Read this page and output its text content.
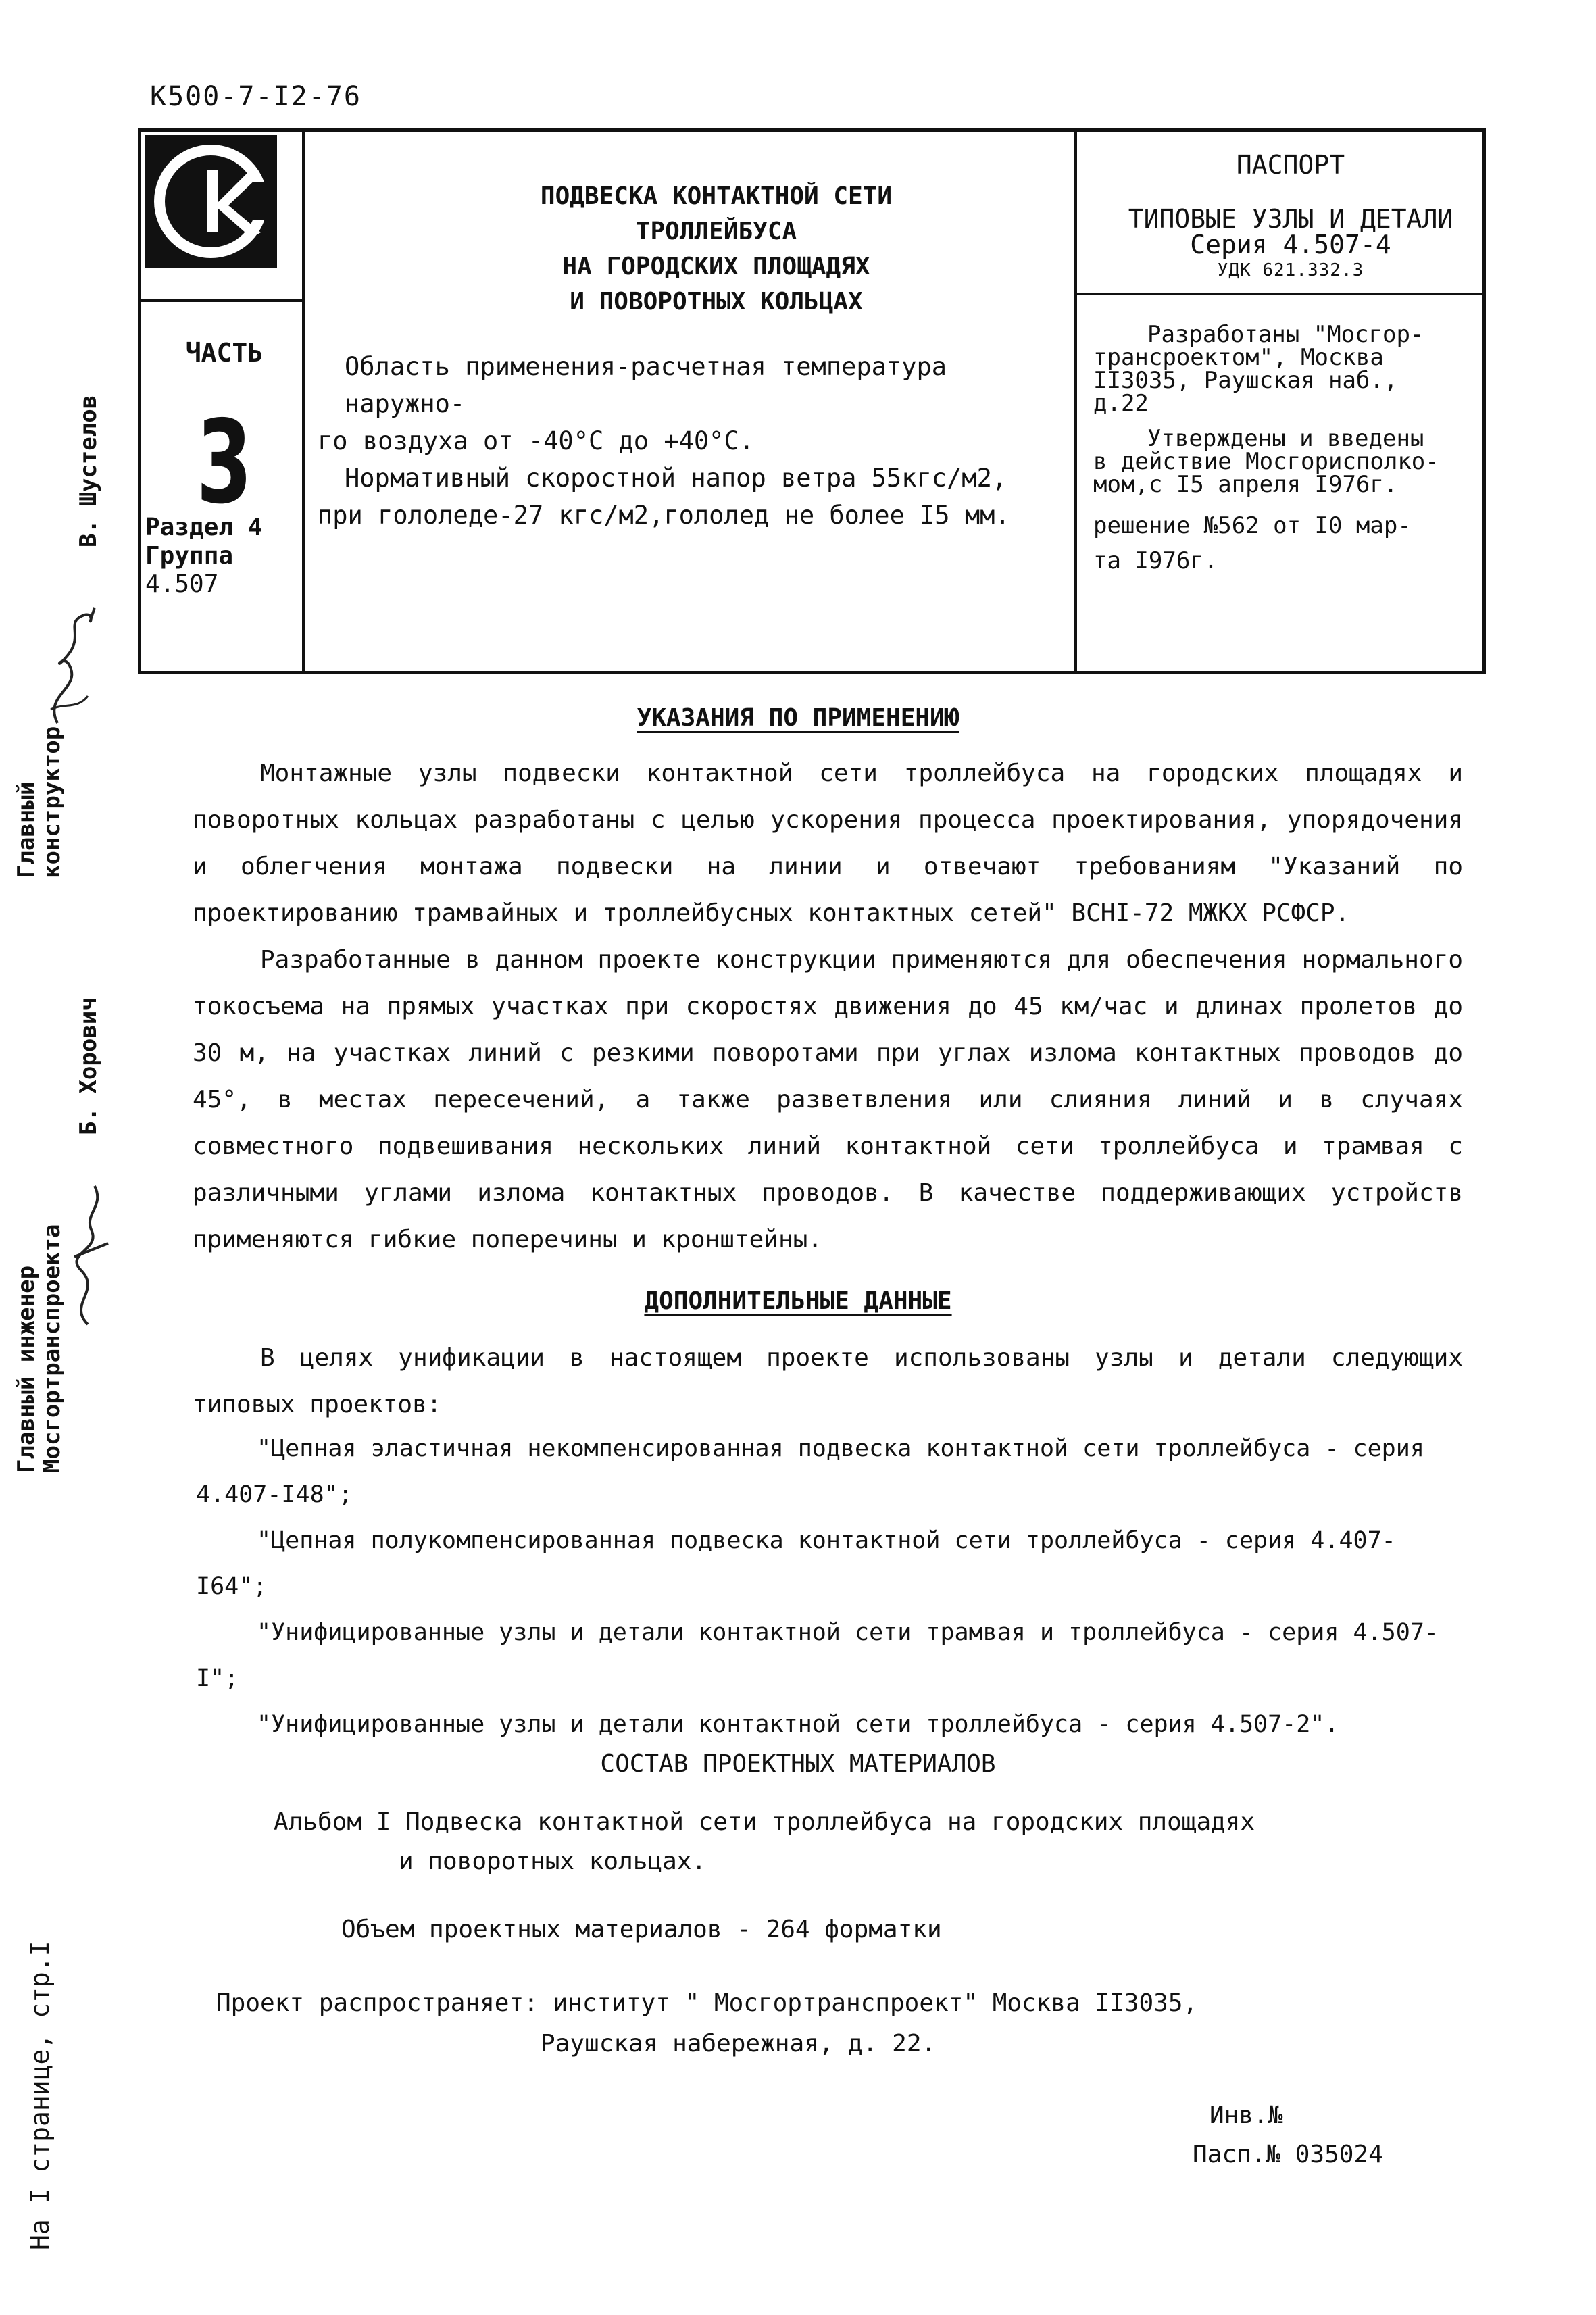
К500-7-I2-76
ЧАСТЬ
3
Раздел 4
Группа
4.507
ПОДВЕСКА КОНТАКТНОЙ СЕТИ
ТРОЛЛЕЙБУСА
НА ГОРОДСКИХ ПЛОЩАДЯХ
И ПОВОРОТНЫХ КОЛЬЦАХ
Область применения-расчетная температура наружно-
го воздуха от -40°С до +40°С.
Нормативный скоростной напор ветра 55кгс/м2,
при гололеде-27 кгс/м2,гололед не более I5 мм.
ПАСПОРТ
ТИПОВЫЕ УЗЛЫ И ДЕТАЛИ
Серия 4.507-4
УДК 621.332.3

Разработаны "Мосгор-
трансроектом", Москва
II3035, Раушская наб.,
д.22

Утверждены и введены
в действие Мосгорисполко-
мом,с I5 апреля I976г.

решение №562 от I0 мар-
та I976г.

УКАЗАНИЯ ПО ПРИМЕНЕНИЮ
Монтажные узлы подвески контактной сети троллейбуса на городских площадях и поворотных кольцах разработаны с целью ускорения процесса проектирования, упорядочения и облегчения монтажа подвески на линии и отвечают требованиям "Указаний по проектированию трамвайных и троллейбусных контактных сетей" ВСНI-72 МЖКХ РСФСР.
Разработанные в данном проекте конструкции применяются для обеспечения нормального токосъема на прямых участках при скоростях движения до 45 км/час и длинах пролетов до 30 м, на участках линий с резкими поворотами при углах излома контактных проводов до 45°, в местах пересечений, а также разветвления или слияния линий и в случаях совместного подвешивания нескольких линий контактной сети троллейбуса и трамвая с различными углами излома контактных проводов. В качестве поддерживающих устройств применяются гибкие поперечины и кронштейны.
ДОПОЛНИТЕЛЬНЫЕ ДАННЫЕ
В целях унификации в настоящем проекте использованы узлы и детали следующих типовых проектов:
"Цепная эластичная некомпенсированная подвеска контактной сети троллейбуса - серия 4.407-I48";
"Цепная полукомпенсированная подвеска контактной сети троллейбуса - серия 4.407-I64";
"Унифицированные узлы и детали контактной сети трамвая и троллейбуса - серия 4.507-I";
"Унифицированные узлы и детали контактной сети троллейбуса - серия 4.507-2".
СОСТАВ ПРОЕКТНЫХ МАТЕРИАЛОВ
Альбом I Подвеска контактной сети троллейбуса на городских площадях
и поворотных кольцах.
Объем проектных материалов - 264 форматки
Проект распространяет: институт " Мосгортранспроект" Москва II3035,
Раушская набережная, д. 22.
Инв.№
Пасп.№ 035024
В. Шустелов
Главный конструктор
Б. Хорович
Главный инженер Мосгортранспроекта
На I странице, стр.I
